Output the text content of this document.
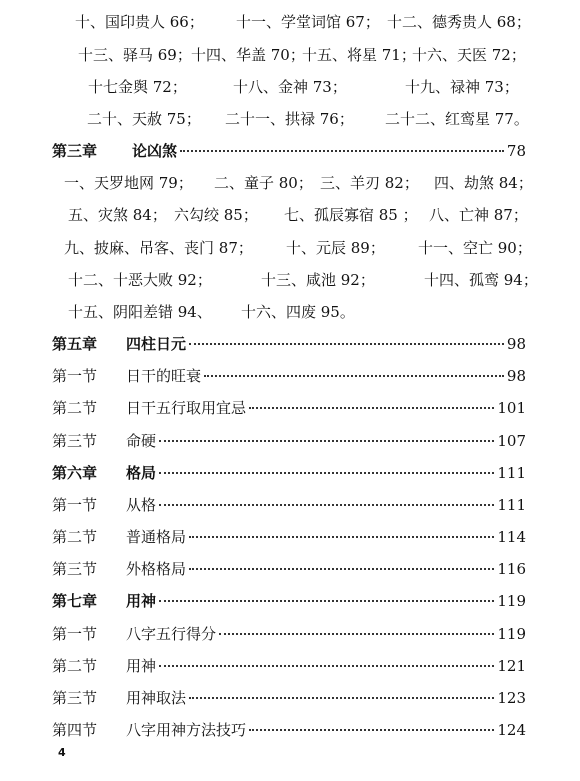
十、国印贵人 66； 十一、学堂词馆 67； 十二、德秀贵人 68；
十三、驿马 69； 十四、华盖 70；
十五、将星 71；
十六、天医 72；
十七金舆 72；	十八、金神 73；	十九、禄神 73；
二十、天赦 75； 二十一、拱禄 76； 二十二、红鸾星 77。
第三章	论凶煞	78
一、天罗地网 79； 二、童子 80； 三、羊刃 82； 四、劫煞 84；
五、灾煞 84； 六勾绞 85； 七、孤辰寡宿 85 ； 八、亡神 87；
九、披麻、吊客、丧门 87； 十、元辰 89； 十一、空亡 90；
十二、十恶大败 92；	十三、咸池 92；	十四、孤鸾 94；
十五、阴阳差错 94、 十六、四废 95。
第五章	四柱日元	98
第一节	日干的旺衰	98
第二节	日干五行取用宜忌	101
第三节	命硬	107
第六章	格局	111
第一节	从格	111
第二节	普通格局	114
第三节	外格格局	116
第七章	用神	119
第一节	八字五行得分	119
第二节	用神	121
第三节	用神取法	123
第四节	八字用神方法技巧	124
4
